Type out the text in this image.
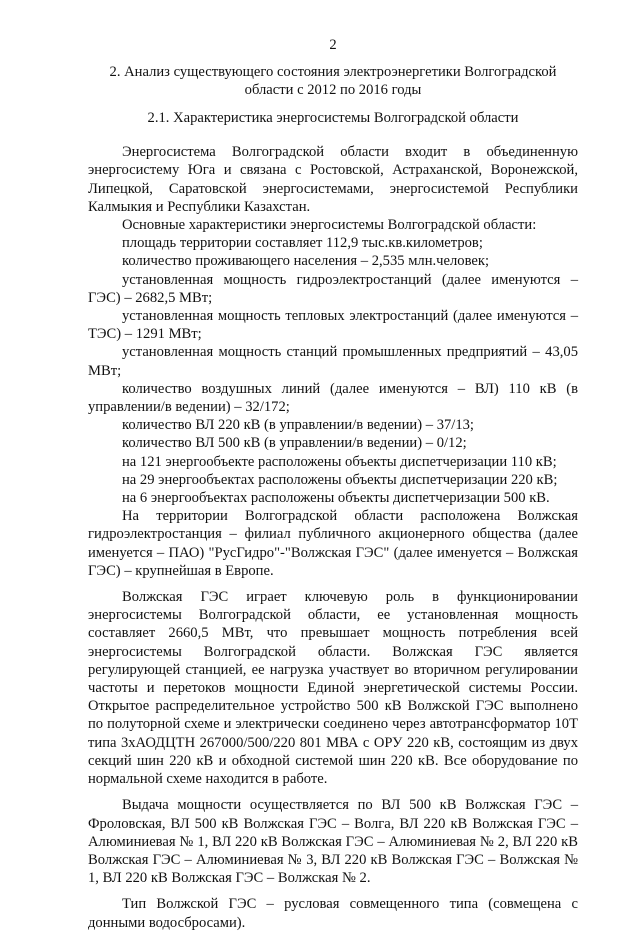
2
2. Анализ существующего состояния электроэнергетики Волгоградской
области с 2012 по 2016 годы
2.1. Характеристика энергосистемы Волгоградской области

Энергосистема Волгоградской области входит в объединенную энергосистему Юга и связана с Ростовской, Астраханской, Воронежской, Липецкой, Саратовской энергосистемами, энергосистемой Республики Калмыкия и Республики Казахстан.

Основные характеристики энергосистемы Волгоградской области:

площадь территории составляет 112,9 тыс.кв.километров;

количество проживающего населения – 2,535 млн.человек;

установленная мощность гидроэлектростанций (далее именуются – ГЭС) – 2682,5 МВт;

установленная мощность тепловых электростанций (далее именуются – ТЭС) – 1291 МВт;

установленная мощность станций промышленных предприятий – 43,05 МВт;

количество воздушных линий (далее именуются – ВЛ) 110 кВ (в управлении/в ведении) – 32/172;

количество ВЛ 220 кВ (в управлении/в ведении) – 37/13;

количество ВЛ 500 кВ (в управлении/в ведении) – 0/12;

на 121 энергообъекте расположены объекты диспетчеризации 110 кВ;

на 29 энергообъектах расположены объекты диспетчеризации 220 кВ;

на 6 энергообъектах расположены объекты диспетчеризации 500 кВ.

На территории Волгоградской области расположена Волжская гидроэлектростанция – филиал публичного акционерного общества (далее именуется – ПАО) "РусГидро"-"Волжская ГЭС" (далее именуется – Волжская ГЭС) – крупнейшая в Европе.

Волжская ГЭС играет ключевую роль в функционировании энергосистемы Волгоградской области, ее установленная мощность составляет 2660,5 МВт, что превышает мощность потребления всей энергосистемы Волгоградской области. Волжская ГЭС является регулирующей станцией, ее нагрузка участвует во вторичном регулировании частоты и перетоков мощности Единой энергетической системы России. Открытое распределительное устройство 500 кВ Волжской ГЭС выполнено по полуторной схеме и электрически соединено через автотрансформатор 10Т типа 3хАОДЦТН 267000/500/220 801 МВА с ОРУ 220 кВ, состоящим из двух секций шин 220 кВ и обходной системой шин 220 кВ. Все оборудование по нормальной схеме находится в работе.

Выдача мощности осуществляется по ВЛ 500 кВ Волжская ГЭС – Фроловская, ВЛ 500 кВ Волжская ГЭС – Волга, ВЛ 220 кВ Волжская ГЭС – Алюминиевая № 1, ВЛ 220 кВ Волжская ГЭС – Алюминиевая № 2, ВЛ 220 кВ Волжская ГЭС – Алюминиевая № 3, ВЛ 220 кВ Волжская ГЭС – Волжская № 1, ВЛ 220 кВ Волжская ГЭС – Волжская № 2.

Тип Волжской ГЭС – русловая совмещенного типа (совмещена с донными водосбросами).
